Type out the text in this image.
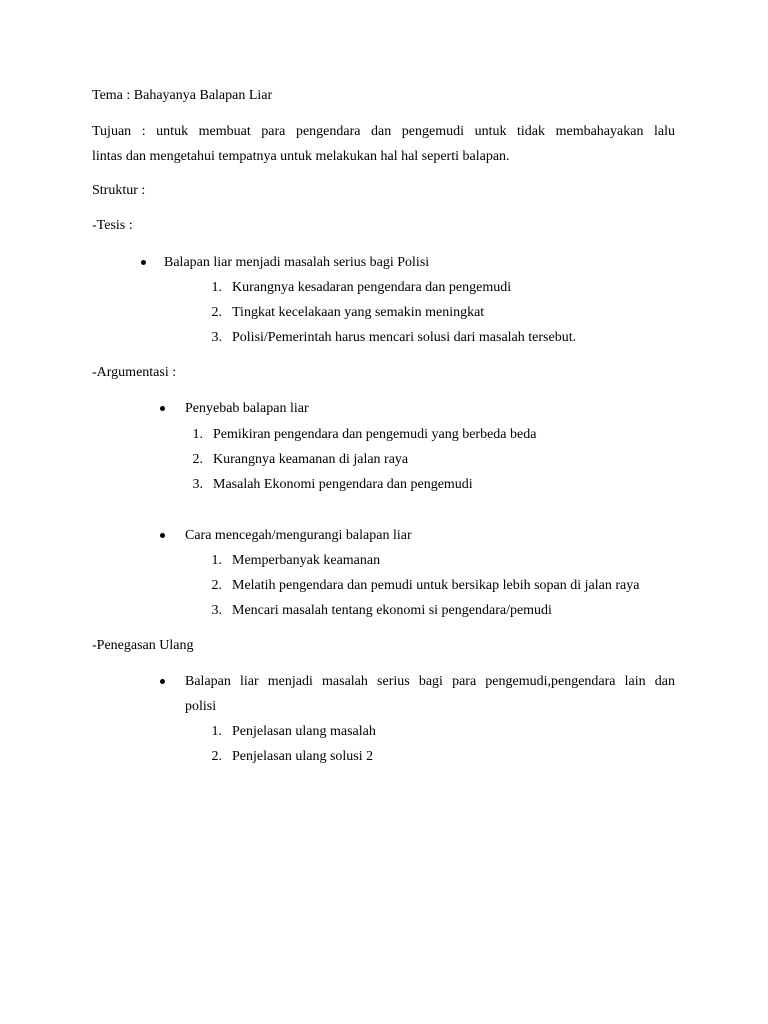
Tema : Bahayanya Balapan Liar
Tujuan : untuk membuat para pengendara dan pengemudi untuk tidak membahayakan lalu
lintas dan mengetahui tempatnya untuk melakukan hal hal seperti balapan.
Struktur :
-Tesis :
Balapan liar menjadi masalah serius bagi Polisi
1. Kurangnya kesadaran pengendara dan pengemudi
2. Tingkat kecelakaan yang semakin meningkat
3. Polisi/Pemerintah harus mencari solusi dari masalah tersebut.
-Argumentasi :
Penyebab balapan liar
1. Pemikiran pengendara dan pengemudi yang berbeda beda
2. Kurangnya keamanan di jalan raya
3. Masalah Ekonomi pengendara dan pengemudi
Cara mencegah/mengurangi balapan liar
1. Memperbanyak keamanan
2. Melatih pengendara dan pemudi untuk bersikap lebih sopan di jalan raya
3. Mencari masalah tentang ekonomi si pengendara/pemudi
-Penegasan Ulang
Balapan liar menjadi masalah serius bagi para pengemudi,pengendara lain dan
polisi
1. Penjelasan ulang masalah
2. Penjelasan ulang solusi 2
